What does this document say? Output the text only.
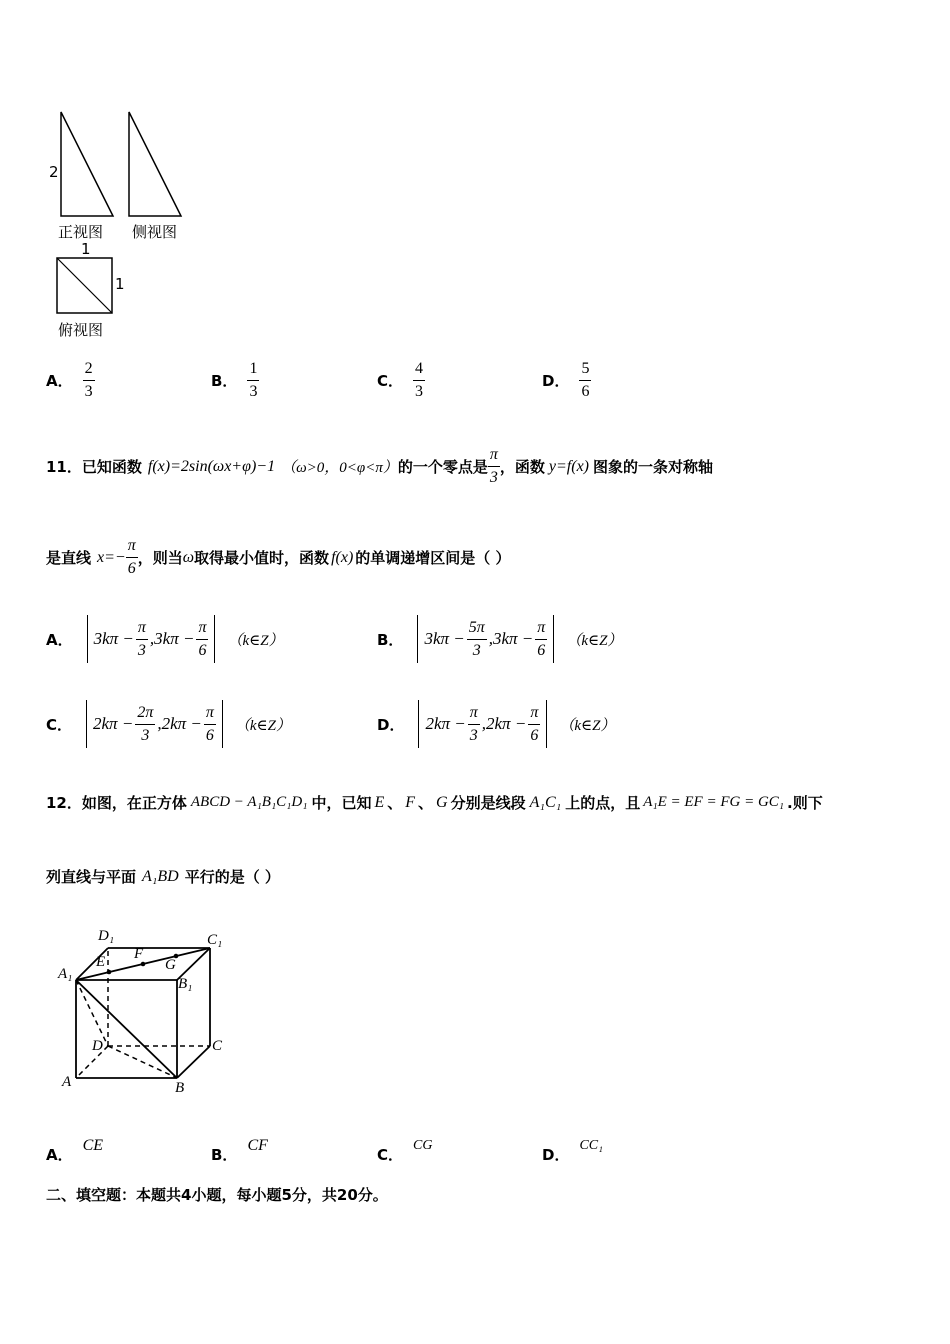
2
正视图 侧视图
1
1
俯视图
A． $\frac{2}{3}$	B． $\frac{1}{3}$	C． $\frac{4}{3}$	D． $\frac{5}{6}$
11． 已知函数 f(x)=2sin(ωx+φ)−1 （ω>0，0<φ<π） 的一个零点是 $\frac{\pi}{3}$ ，函数 y=f(x) 图象的一条对称轴
是直线 $x=- \frac{\pi}{6}$ ，则当 ω 取得最小值时，函数 f(x) 的单调递增区间是（ ）
A． $3k\pi - \frac{\pi}{3} ,3k\pi - \frac{\pi}{6}$ （k∈Z）	B． $3k\pi - \frac{5\pi}{3} ,3k\pi - \frac{\pi}{6}$ （k∈Z）
C． $2k\pi - \frac{2\pi}{3} ,2k\pi - \frac{\pi}{6}$ （k∈Z）	D． $2k\pi - \frac{\pi}{3} ,2k\pi - \frac{\pi}{6}$ （k∈Z）
12． 如图，在正方体 ABCD − A₁B₁C₁D₁ 中，已知 E 、 F 、 G 分别是线段 A₁C₁ 上的点，且 A₁E = EF = FG = GC₁ .则下
列直线与平面 A₁BD 平行的是（ ）
D₁	C₁
A₁
B₁
E F
G
D	C
A	B
A．
CE
B．
CF
C．
CG
D．
CC₁
二、填空题：本题共4小题，每小题5分，共20分。
